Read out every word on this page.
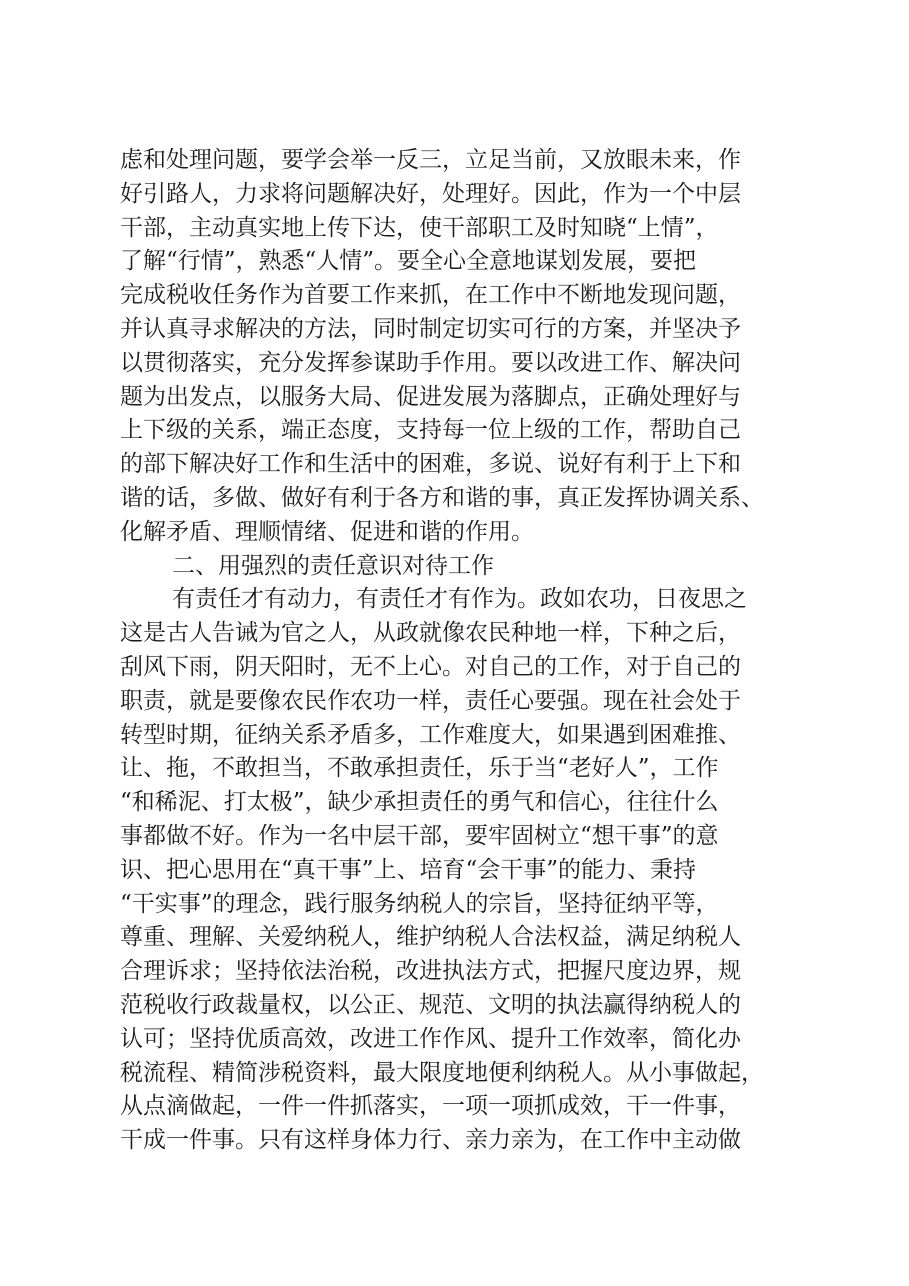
虑和处理问题，要学会举一反三，立足当前，又放眼未来，作
好引路人，力求将问题解决好，处理好。因此，作为一个中层
干部，主动真实地上传下达，使干部职工及时知晓“上情”，
了解“行情”，熟悉“人情”。要全心全意地谋划发展，要把
完成税收任务作为首要工作来抓，在工作中不断地发现问题，
并认真寻求解决的方法，同时制定切实可行的方案，并坚决予
以贯彻落实，充分发挥参谋助手作用。要以改进工作、解决问
题为出发点，以服务大局、促进发展为落脚点，正确处理好与
上下级的关系，端正态度，支持每一位上级的工作，帮助自己
的部下解决好工作和生活中的困难，多说、说好有利于上下和
谐的话，多做、做好有利于各方和谐的事，真正发挥协调关系、
化解矛盾、理顺情绪、促进和谐的作用。
二、用强烈的责任意识对待工作
有责任才有动力，有责任才有作为。政如农功，日夜思之
这是古人告诫为官之人，从政就像农民种地一样，下种之后，
刮风下雨，阴天阳时，无不上心。对自己的工作，对于自己的
职责，就是要像农民作农功一样，责任心要强。现在社会处于
转型时期，征纳关系矛盾多，工作难度大，如果遇到困难推、
让、拖，不敢担当，不敢承担责任，乐于当“老好人”，工作
“和稀泥、打太极”，缺少承担责任的勇气和信心，往往什么
事都做不好。作为一名中层干部，要牢固树立“想干事”的意
识、把心思用在“真干事”上、培育“会干事”的能力、秉持
“干实事”的理念，践行服务纳税人的宗旨，坚持征纳平等，
尊重、理解、关爱纳税人，维护纳税人合法权益，满足纳税人
合理诉求；坚持依法治税，改进执法方式，把握尺度边界，规
范税收行政裁量权，以公正、规范、文明的执法赢得纳税人的
认可；坚持优质高效，改进工作作风、提升工作效率，简化办
税流程、精简涉税资料，最大限度地便利纳税人。从小事做起，
从点滴做起，一件一件抓落实，一项一项抓成效，干一件事，
干成一件事。只有这样身体力行、亲力亲为，在工作中主动做
